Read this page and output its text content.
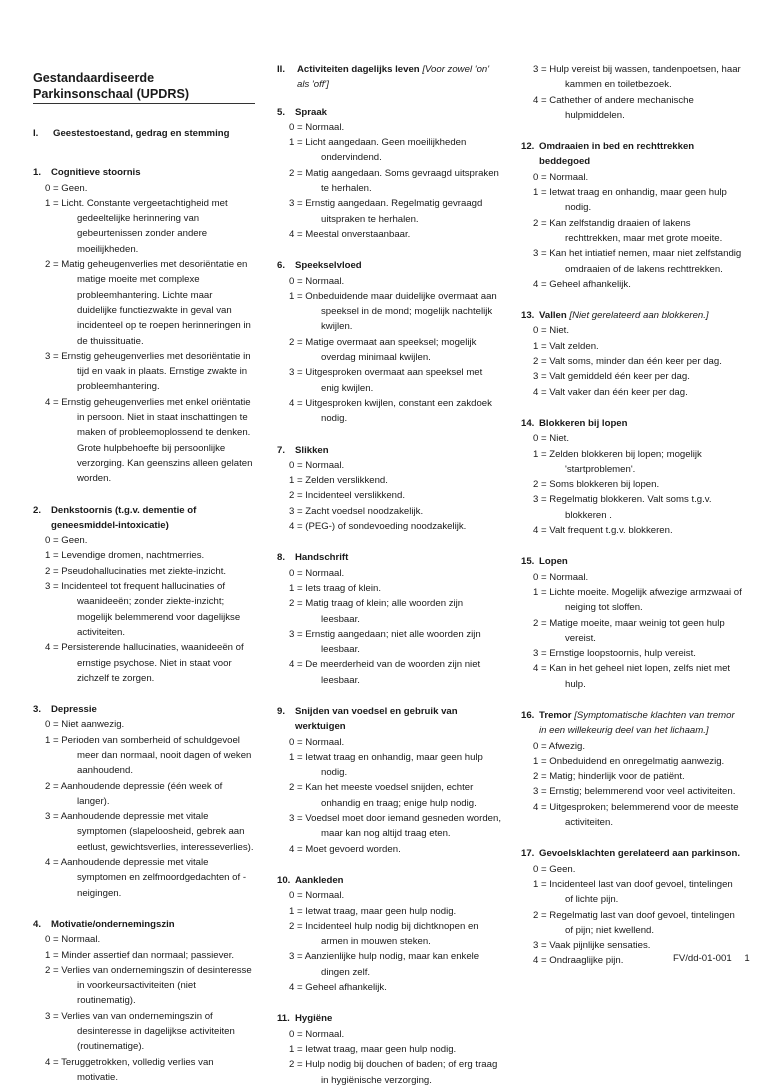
Gestandaardiseerde Parkinsonschaal (UPDRS)
I.	Geestestoestand, gedrag en stemming
1.	Cognitieve stoornis
0 = Geen.
1 = Licht. Constante vergeetachtigheid met gedeeltelijke herinnering van gebeurtenissen zonder andere moeilijkheden.
2 = Matig geheugenverlies met desoriëntatie en matige moeite met complexe probleemhantering. Lichte maar duidelijke functiezwakte in geval van incidenteel op te roepen herinneringen in de thuissituatie.
3 = Ernstig geheugenverlies met desoriëntatie in tijd en vaak in plaats. Ernstige zwakte in probleemhantering.
4 = Ernstig geheugenverlies met enkel oriëntatie in persoon. Niet in staat inschattingen te maken of probleemoplossend te denken. Grote hulpbehoefte bij persoonlijke verzorging. Kan geenszins alleen gelaten worden.
2.	Denkstoornis (t.g.v. dementie of geneesmiddel-intoxicatie)
0 = Geen.
1 = Levendige dromen, nachtmerries.
2 = Pseudohallucinaties met ziekte-inzicht.
3 = Incidenteel tot frequent hallucinaties of waanideeën; zonder ziekte-inzicht; mogelijk belemmerend voor dagelijkse activiteiten.
4 = Persisterende hallucinaties, waanideeën of ernstige psychose. Niet in staat voor zichzelf te zorgen.
3.	Depressie
0 = Niet aanwezig.
1 = Perioden van somberheid of schuldgevoel meer dan normaal, nooit dagen of weken aanhoudend.
2 = Aanhoudende depressie (één week of langer).
3 = Aanhoudende depressie met vitale symptomen (slapeloosheid, gebrek aan eetlust, gewichtsverlies, interesseverlies).
4 = Aanhoudende depressie met vitale symptomen en zelfmoordgedachten of -neigingen.
4.	Motivatie/ondernemingszin
0 = Normaal.
1 = Minder assertief dan normaal; passiever.
2 = Verlies van ondernemingszin of desinteresse in voorkeursactiviteiten (niet routinematig).
3 = Verlies van van ondernemingszin of desinteresse in dagelijkse activiteiten (routinematige).
4 = Teruggetrokken, volledig verlies van motivatie.
II.	Activiteiten dagelijks leven [Voor zowel 'on' als 'off']
5.	Spraak
0 = Normaal.
1 = Licht aangedaan. Geen moeilijkheden ondervindend.
2 = Matig aangedaan. Soms gevraagd uitspraken te herhalen.
3 = Ernstig aangedaan. Regelmatig gevraagd uitspraken te herhalen.
4 = Meestal onverstaanbaar.
6.	Speekselvloed
0 = Normaal.
1 = Onbeduidende maar duidelijke overmaat aan speeksel in de mond; mogelijk nachtelijk kwijlen.
2 = Matige overmaat aan speeksel; mogelijk overdag minimaal kwijlen.
3 = Uitgesproken overmaat aan speeksel met enig kwijlen.
4 = Uitgesproken kwijlen, constant een zakdoek nodig.
7.	Slikken
0 = Normaal.
1 = Zelden verslikkend.
2 = Incidenteel verslikkend.
3 = Zacht voedsel noodzakelijk.
4 = (PEG-) of sondevoeding noodzakelijk.
8.	Handschrift
0 = Normaal.
1 = Iets traag of klein.
2 = Matig traag of klein; alle woorden zijn leesbaar.
3 = Ernstig aangedaan; niet alle woorden zijn leesbaar.
4 = De meerderheid van de woorden zijn niet leesbaar.
9.	Snijden van voedsel en gebruik van werktuigen
0 = Normaal.
1 = Ietwat traag en onhandig, maar geen hulp nodig.
2 = Kan het meeste voedsel snijden, echter onhandig en traag; enige hulp nodig.
3 = Voedsel moet door iemand gesneden worden, maar kan nog altijd traag eten.
4 = Moet gevoerd worden.
10. Aankleden
0 = Normaal.
1 = Ietwat traag, maar geen hulp nodig.
2 = Incidenteel hulp nodig bij dichtknopen en armen in mouwen steken.
3 = Aanzienlijke hulp nodig, maar kan enkele dingen zelf.
4 = Geheel afhankelijk.
11. Hygiëne
0 = Normaal.
1 = Ietwat traag, maar geen hulp nodig.
2 = Hulp nodig bij douchen of baden; of erg traag in hygiënische verzorging.
3 = Hulp vereist bij wassen, tandenpoetsen, haar kammen en toiletbezoek.
4 = Cathether of andere mechanische hulpmiddelen.
12. Omdraaien in bed en rechttrekken beddegoed
0 = Normaal.
1 = Ietwat traag en onhandig, maar geen hulp nodig.
2 = Kan zelfstandig draaien of lakens rechttrekken, maar met grote moeite.
3 = Kan het intiatief nemen, maar niet zelfstandig omdraaien of de lakens rechttrekken.
4 = Geheel afhankelijk.
13. Vallen [Niet gerelateerd aan blokkeren.]
0 = Niet.
1 = Valt zelden.
2 = Valt soms, minder dan één keer per dag.
3 = Valt gemiddeld één keer per dag.
4 = Valt vaker dan één keer per dag.
14. Blokkeren bij lopen
0 = Niet.
1 = Zelden blokkeren bij lopen; mogelijk 'startproblemen'.
2 = Soms blokkeren bij lopen.
3 = Regelmatig blokkeren. Valt soms t.g.v. blokkeren .
4 = Valt frequent t.g.v. blokkeren.
15. Lopen
0 = Normaal.
1 = Lichte moeite. Mogelijk afwezige armzwaai of neiging tot sloffen.
2 = Matige moeite, maar weinig tot geen hulp vereist.
3 = Ernstige loopstoornis, hulp vereist.
4 = Kan in het geheel niet lopen, zelfs niet met hulp.
16. Tremor [Symptomatische klachten van tremor in een willekeurig deel van het lichaam.]
0 = Afwezig.
1 = Onbeduidend en onregelmatig aanwezig.
2 = Matig; hinderlijk voor de patiënt.
3 = Ernstig; belemmerend voor veel activiteiten.
4 = Uitgesproken; belemmerend voor de meeste activiteiten.
17. Gevoelsklachten gerelateerd aan parkinson.
0 = Geen.
1 = Incidenteel last van doof gevoel, tintelingen of lichte pijn.
2 = Regelmatig last van doof gevoel, tintelingen of pijn; niet kwellend.
3 = Vaak pijnlijke sensaties.
4 = Ondraaglijke pijn.	FV/dd-01-001 1
